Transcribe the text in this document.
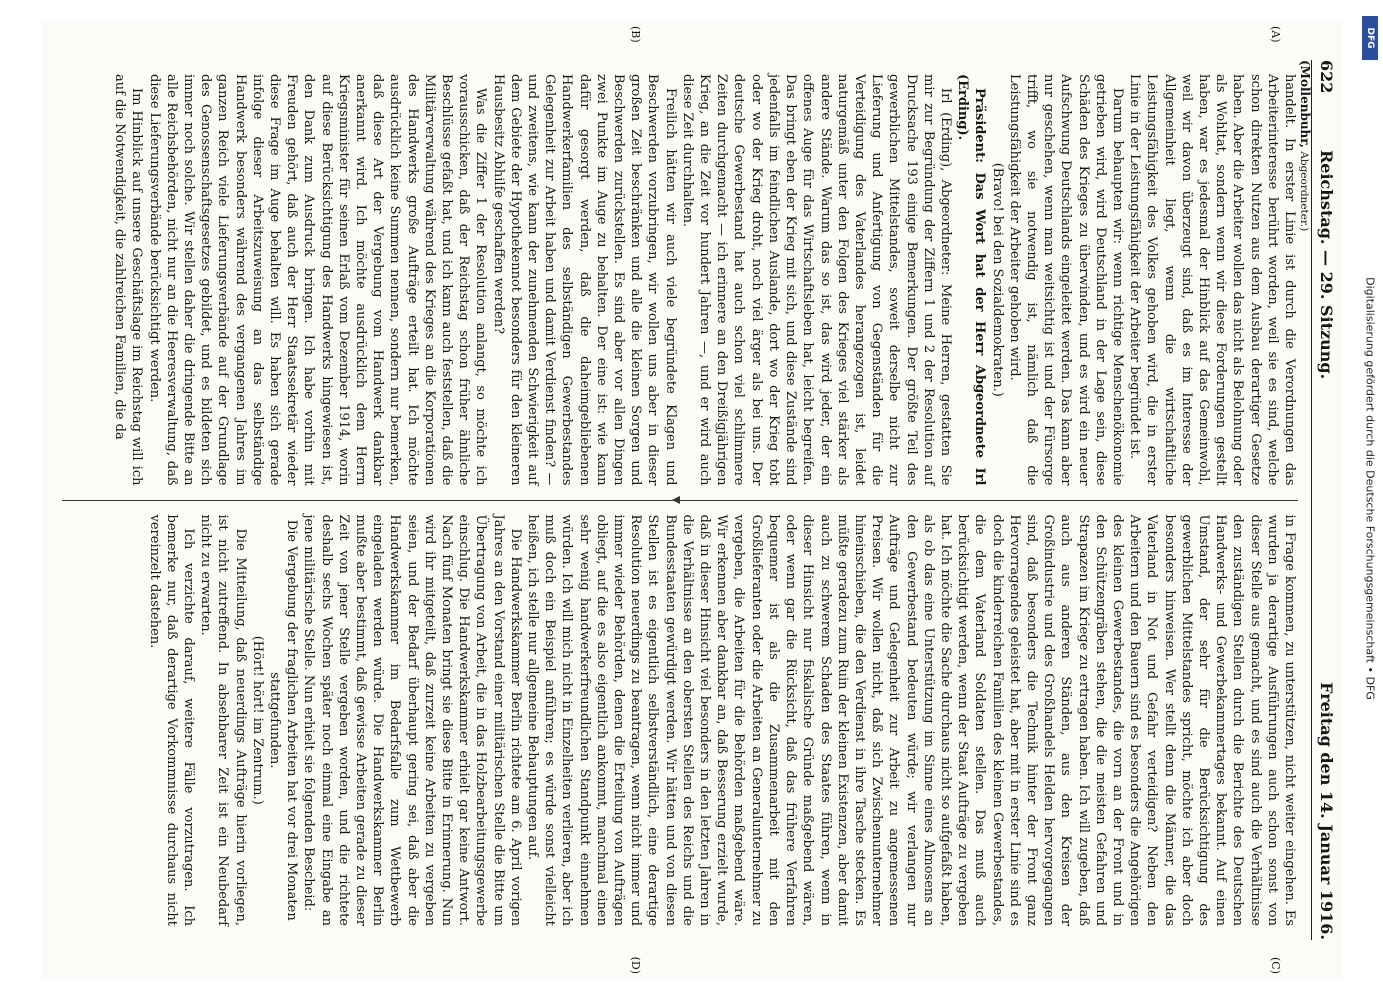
622
Reichstag. — 29. Sitzung.
Freitag den 14. Januar 1916.
(Mollenbuhr, Abgeordneter.)
(A)
(B)
(C)
(D)

handelt. In erster Linie ist durch die Verordnungen das Arbeiterinteresse berührt worden, weil sie es sind, welche schon direkten Nutzen aus dem Ausbau derartiger Gesetze haben. Aber die Arbeiter wollen das nicht als Belohnung oder als Wohltat, sondern wenn wir diese Forderungen gestellt haben, war es jedesmal der Hinblick auf das Gemeinwohl, weil wir davon überzeugt sind, daß es im Interesse der Allgemeinheit liegt, wenn die wirtschaftliche Leistungsfähigkeit des Volkes gehoben wird, die in erster Linie in der Leistungsfähigkeit der Arbeiter begründet ist.

Darum behaupten wir: wenn richtige Menschenökonomie getrieben wird, wird Deutschland in der Lage sein, diese Schäden des Krieges zu überwinden, und es wird ein neuer Aufschwung Deutschlands eingeleitet werden. Das kann aber nur geschehen, wenn man weitsichtig ist und der Fürsorge trifft, wo sie notwendig ist, nämlich daß die Leistungsfähigkeit der Arbeiter gehoben wird.

(Bravo! bei den Sozialdemokraten.)

Präsident: Das Wort hat der Herr Abgeordnete Irl (Erding).

Irl (Erding), Abgeordneter: Meine Herren, gestatten Sie mir zur Begründung der Ziffern 1 und 2 der Resolution auf Drucksache 193 einige Bemerkungen. Der größte Teil des gewerblichen Mittelstandes, soweit derselbe nicht zur Lieferung und Anfertigung von Gegenständen für die Verteidigung des Vaterlandes herangezogen ist, leidet naturgemäß unter den Folgen des Krieges viel stärker als andere Stände. Warum das so ist, das wird jeder, der ein offenes Auge für das Wirtschaftsleben hat, leicht begreifen. Das bringt eben der Krieg mit sich, und diese Zustände sind jedenfalls im feindlichen Auslande, dort wo der Krieg tobt oder wo der Krieg droht, noch viel ärger als bei uns. Der deutsche Gewerbestand hat auch schon viel schlimmere Zeiten durchgemacht — ich erinnere an den Dreißigjährigen Krieg, an die Zeit vor hundert Jahren —, und er wird auch diese Zeit durchhalten.

Freilich hätten wir auch viele begründete Klagen und Beschwerden vorzubringen, wir wollen uns aber in dieser großen Zeit beschränken und alle die kleinen Sorgen und Beschwerden zurückstellen. Es sind aber vor allen Dingen zwei Punkte im Auge zu behalten. Der eine ist: wie kann dafür gesorgt werden, daß die daheimgebliebenen Handwerkerfamilien des selbständigen Gewerbestandes Gelegenheit zur Arbeit haben und damit Verdienst finden? — und zweitens, wie kann der zunehmenden Schwierigkeit auf dem Gebiete der Hypothekennot besonders für den kleineren Hausbesitz Abhilfe geschaffen werden?

Was die Ziffer 1 der Resolution anlangt, so möchte ich vorausschicken, daß der Reichstag schon früher ähnliche Beschlüsse gefaßt hat, und ich kann auch feststellen, daß die Militärverwaltung während des Krieges an die Korporationen des Handwerks große Aufträge erteilt hat. Ich möchte ausdrücklich keine Summen nennen, sondern nur bemerken, daß diese Art der Vergebung vom Handwerk dankbar anerkannt wird. Ich möchte ausdrücklich dem Herrn Kriegsminister für seinen Erlaß vom Dezember 1914, worin auf diese Berücksichtigung des Handwerks hingewiesen ist, den Dank zum Ausdruck bringen. Ich habe vorhin mit Freuden gehört, daß auch der Herr Staatssekretär wieder diese Frage im Auge behalten will. Es haben sich gerade infolge dieser Arbeitszuweisung an das selbständige Handwerk besonders während des vergangenen Jahres im ganzen Reich viele Lieferungsverbände auf der Grundlage des Genossenschaftsgesetzes gebildet, und es bildeten sich immer noch solche. Wir stellen daher die dringende Bitte an alle Reichsbehörden, nicht nur an die Heeresverwaltung, daß diese Lieferungsverbände berücksichtigt werden.

Im Hinblick auf unsere Geschäftslage im Reichstag will ich auf die Notwendigkeit, die zahlreichen Familien, die da

in Frage kommen, zu unterstützen, nicht weiter eingehen. Es wurden ja derartige Ausführungen auch schon sonst von dieser Stelle aus gemacht, und es sind auch die Verhältnisse den zuständigen Stellen durch die Berichte des Deutschen Handwerks- und Gewerbekammertages bekannt. Auf einen Umstand, der sehr für die Berücksichtigung des gewerblichen Mittelstandes spricht, möchte ich aber doch besonders hinweisen. Wer stellt denn die Männer, die das Vaterland in Not und Gefahr verteidigen? Neben den Arbeitern und den Bauern sind es besonders die Angehörigen des kleinen Gewerbestandes, die vorn an der Front und in den Schützengräben stehen, die die meisten Gefahren und Strapazen im Kriege zu ertragen haben. Ich will zugeben, daß auch aus anderen Ständen, aus den Kreisen der Großindustrie und des Großhandels Helden hervorgegangen sind, daß besonders die Technik hinter der Front ganz Hervorragendes geleistet hat, aber mit in erster Linie sind es doch die kinderreichen Familien des kleinen Gewerbestandes, die dem Vaterland Soldaten stellen. Das muß auch berücksichtigt werden, wenn der Staat Aufträge zu vergeben hat. Ich möchte die Sache durchaus nicht so aufgefaßt haben, als ob das eine Unterstützung im Sinne eines Almosens an den Gewerbestand bedeuten würde; wir verlangen nur Aufträge und Gelegenheit zur Arbeit zu angemessenen Preisen. Wir wollen nicht, daß sich Zwischenunternehmer hineinschieben, die den Verdienst in ihre Tasche stecken. Es müßte geradezu zum Ruin der kleinen Existenzen, aber damit auch zu schwerem Schaden des Staates führen, wenn in dieser Hinsicht nur fiskalische Gründe maßgebend wären, oder wenn gar die Rücksicht, daß das frühere Verfahren bequemer ist als die Zusammenarbeit mit den Großlieferanten oder die Arbeiten an Generalunternehmer zu vergeben, die Arbeiten für die Behörden maßgebend wäre. Wir erkennen aber dankbar an, daß Besserung erzielt wurde, daß in dieser Hinsicht viel besonders in den letzten Jahren in die Verhältnisse an den obersten Stellen des Reichs und die Bundesstaaten gewürdigt werden. Wir hätten und von diesen Stellen ist es eigentlich selbstverständlich, eine derartige Resolution neuerdings zu beantragen, wenn nicht immer und immer wieder Behörden, denen die Erteilung von Aufträgen obliegt, auf die es also eigentlich ankommt, manchmal einen sehr wenig handwerkerfreundlichen Standpunkt einnehmen würden. Ich will mich nicht in Einzelheiten verlieren, aber ich muß doch ein Beispiel anführen; es würde sonst vielleicht heißen, ich stelle nur allgemeine Behauptungen auf.

Die Handwerkskammer Berlin richtete am 6. April vorigen Jahres an den Vorstand einer militärischen Stelle die Bitte um Übertragung von Arbeit, die in das Holzbearbeitungsgewerbe einschlug. Die Handwerkskammer erhielt gar keine Antwort. Nach fünf Monaten bringt sie diese Bitte in Erinnerung. Nun wird ihr mitgeteilt, daß zurzeit keine Arbeiten zu vergeben seien, und der Bedarf überhaupt gering sei, daß aber die Handwerkskammer im Bedarfsfalle zum Wettbewerb eingeladen werden würde. Die Handwerkskammer Berlin mußte aber bestimmt, daß gewisse Arbeiten gerade zu dieser Zeit von jener Stelle vergeben worden, und die richtete deshalb sechs Wochen später noch einmal eine Eingabe an jene militärische Stelle. Nun erhielt sie folgenden Bescheid:

Die Vergebung der fraglichen Arbeiten hat vor drei Monaten stattgefunden.

(Hört! hört! im Zentrum.)

Die Mitteilung, daß neuerdings Aufträge hierin vorliegen, ist nicht zutreffend. In absehbarer Zeit ist ein Neubedarf nicht zu erwarten.

Ich verzichte darauf, weitere Fälle vorzutragen. Ich bemerke nur, daß derartige Vorkommnisse durchaus nicht vereinzelt dastehen.

DFG
Digitalisierung gefördert durch die Deutsche Forschungsgemeinschaft • DFG
